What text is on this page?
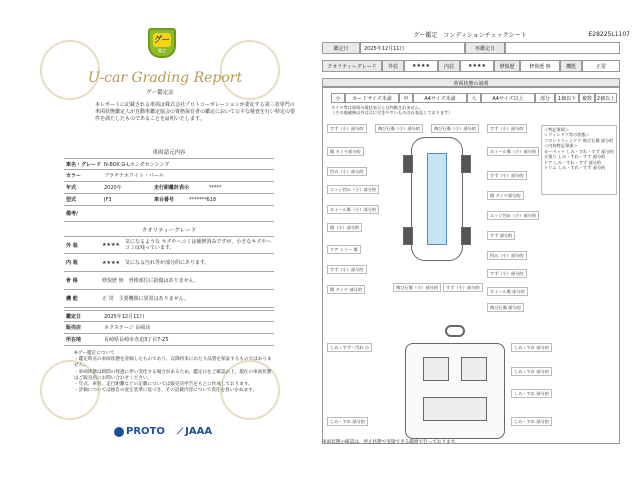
グー
鑑定
U-car Grading Report
グー鑑定証
本レポートに記載される車両は株式会社プロトコーポレーションが委託する第三者専門の車両状態鑑定人が自動車鑑定協会の資格保有者の鑑定において公平な検査を行い特定の要件を満たしたものであることを証明いたします。
車両請元内容
車名・グレード N-BOX G-Lホンダセンシング
カラー	プラチナホワイト・パール
年式	2020年	走行距離計表示	*****
型式	JF3	車台番号	*******618
備考/
クオリティーグレード
外 装	★★★★
気になるような キズやヘコミは補修済みですが、小さなキズやヘコミは残っています。
内 装	★★★★	気になる汚れ等が部分的にあります。
骨 格	修復歴 無	骨格部位に損傷はありません。
機 能	正 常	主要機関に異常はありません。
鑑定日	2025年12月11日
販売店	ネクステージ 長崎店
所在地	長崎県長崎市赤迫3丁目7-25
※グー鑑定について
・鑑定時点の車両状態を評価したものであり、以降将来にわたり品質を保証するものではありません。
・車両状態は時間の経過に伴い変化する場合があるため、鑑定日をご確認の上、現在の車両状態はご販売店にお問い合わせください。
・年式、車名、走行距離などの記載については販売店申告をもとに作成しております。
・評価については独自の査定基準に基づき、その記載内容について責任を負いかねます。
PROTO ⟋ JAAA
グー鑑定　コンディションチェックシート	E28225L1107
鑑定日	2025年12月11日	再鑑定日
クオリティーグレード	外装	★★★★	内装	★★★★	修復歴	修復歴 無	機能	正常
車両状態の説明
小	カードサイズ未満	中	A4サイズ未満	大	A4サイズ以上	部分	1個以下	複数 2個以上
タイヤ等は車両の現状表示とは判断されません。
（その他補修以外は目に付きやすいもののみ表記しております）
すず（小）部分的	飛び石傷（小）部分的	飛び石傷（小）部分的	すず（小）部分的
傷 タイヤ部分的	ホイール傷（小）部分的
凹み（小）部分的
エッジ凹み（小）部分的
すず（小）部分的
傷 タイヤ部分的
ホイール傷（小）部分的
傷（小）部分的
エッジ凹み（小）部分的
すず 部分的
ドア ミラー 傷
凹み（小）部分的
すず（小）部分的
すず（小）部分的
飛び石傷（小）部分的	すず（小）部分的
傷 タイヤ 部分的	ホイール傷 部分的
飛び石傷 部分的
＜特記事項＞
＜ウィンドウ等の状態＞
フロントウィンドウ 飛び石傷 部分的
＜内装特記事項＞
カーペット しみ・すれ・すず 部分的
天張り しみ・すれ・すず 部分的
ドア しみ・すれ・すず 部分的
トリム しみ・すれ・すず 部分的
しみ・すず・汚れ 小	しみ・すれ 部分的
しみ・すれ 部分的
しみ・すれ 部分的
しみ・すれ 部分的	しみ・すれ 部分的
車両状態の確認は、停止状態で実施できる範囲で行っております。
